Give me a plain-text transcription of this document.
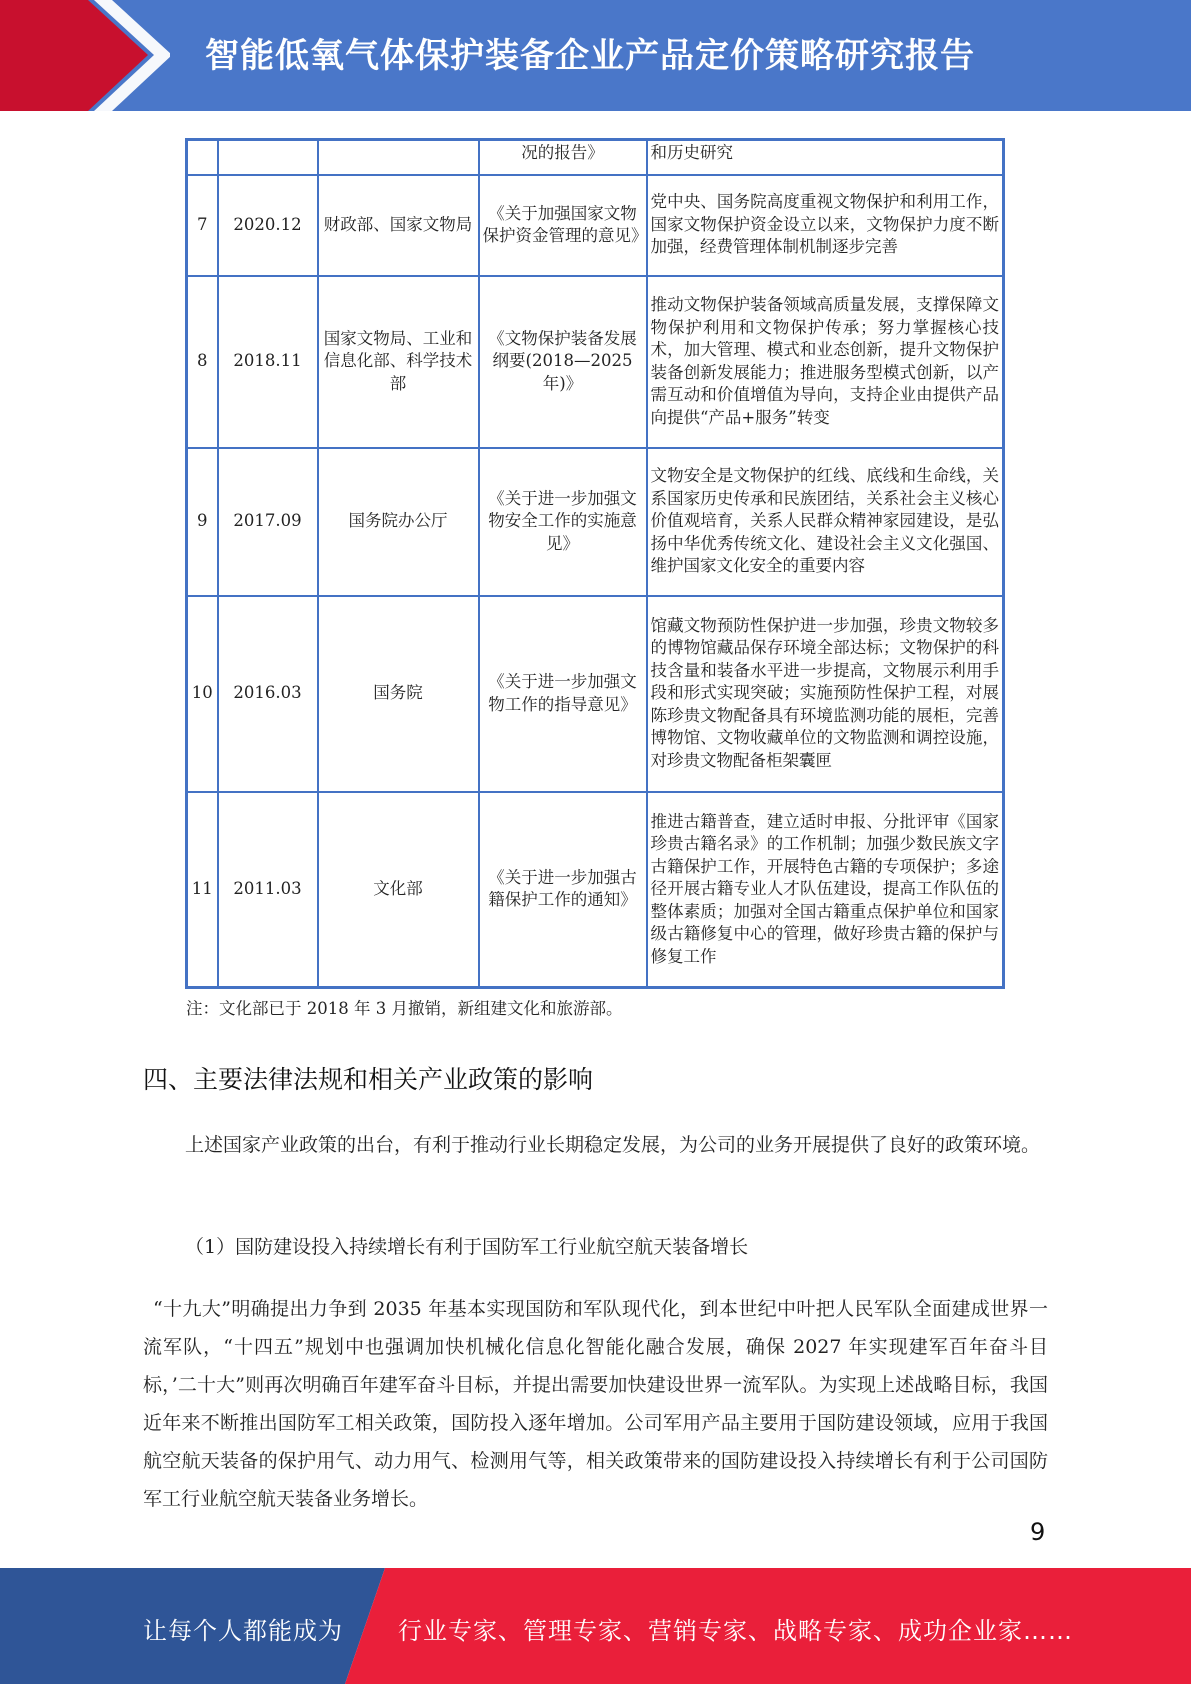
智能低氧气体保护装备企业产品定价策略研究报告
			况的报告》	和历史研究
7	2020.12	财政部、国家文物局	《关于加强国家文物保护资金管理的意见》	党中央、国务院高度重视文物保护和利用工作，国家文物保护资金设立以来，文物保护力度不断加强，经费管理体制机制逐步完善
8	2018.11	国家文物局、工业和信息化部、科学技术部	《文物保护装备发展纲要(2018—2025年)》	推动文物保护装备领域高质量发展，支撑保障文物保护利用和文物保护传承；努力掌握核心技术，加大管理、模式和业态创新，提升文物保护装备创新发展能力；推进服务型模式创新，以产需互动和价值增值为导向，支持企业由提供产品向提供“产品+服务”转变
9	2017.09	国务院办公厅	《关于进一步加强文物安全工作的实施意见》	文物安全是文物保护的红线、底线和生命线，关系国家历史传承和民族团结，关系社会主义核心价值观培育，关系人民群众精神家园建设，是弘扬中华优秀传统文化、建设社会主义文化强国、维护国家文化安全的重要内容
10	2016.03	国务院	《关于进一步加强文物工作的指导意见》	馆藏文物预防性保护进一步加强，珍贵文物较多的博物馆藏品保存环境全部达标；文物保护的科技含量和装备水平进一步提高，文物展示利用手段和形式实现突破；实施预防性保护工程，对展陈珍贵文物配备具有环境监测功能的展柜，完善博物馆、文物收藏单位的文物监测和调控设施，对珍贵文物配备柜架囊匣
11	2011.03	文化部	《关于进一步加强古籍保护工作的通知》	推进古籍普查，建立适时申报、分批评审《国家珍贵古籍名录》的工作机制；加强少数民族文字古籍保护工作，开展特色古籍的专项保护；多途径开展古籍专业人才队伍建设，提高工作队伍的整体素质；加强对全国古籍重点保护单位和国家级古籍修复中心的管理，做好珍贵古籍的保护与修复工作
注：文化部已于 2018 年 3 月撤销，新组建文化和旅游部。
四、主要法律法规和相关产业政策的影响
上述国家产业政策的出台，有利于推动行业长期稳定发展，为公司的业务开展提供了良好的政策环境。
（1）国防建设投入持续增长有利于国防军工行业航空航天装备增长
“十九大”明确提出力争到 2035 年基本实现国防和军队现代化，到本世纪中叶把人民军队全面建成世界一流军队，“十四五”规划中也强调加快机械化信息化智能化融合发展，确保 2027 年实现建军百年奋斗目标，’二十大”则再次明确百年建军奋斗目标，并提出需要加快建设世界一流军队。为实现上述战略目标，我国近年来不断推出国防军工相关政策，国防投入逐年增加。公司军用产品主要用于国防建设领域，应用于我国航空航天装备的保护用气、动力用气、检测用气等，相关政策带来的国防建设投入持续增长有利于公司国防军工行业航空航天装备业务增长。
9
让每个人都能成为 行业专家、管理专家、营销专家、战略专家、成功企业家……
